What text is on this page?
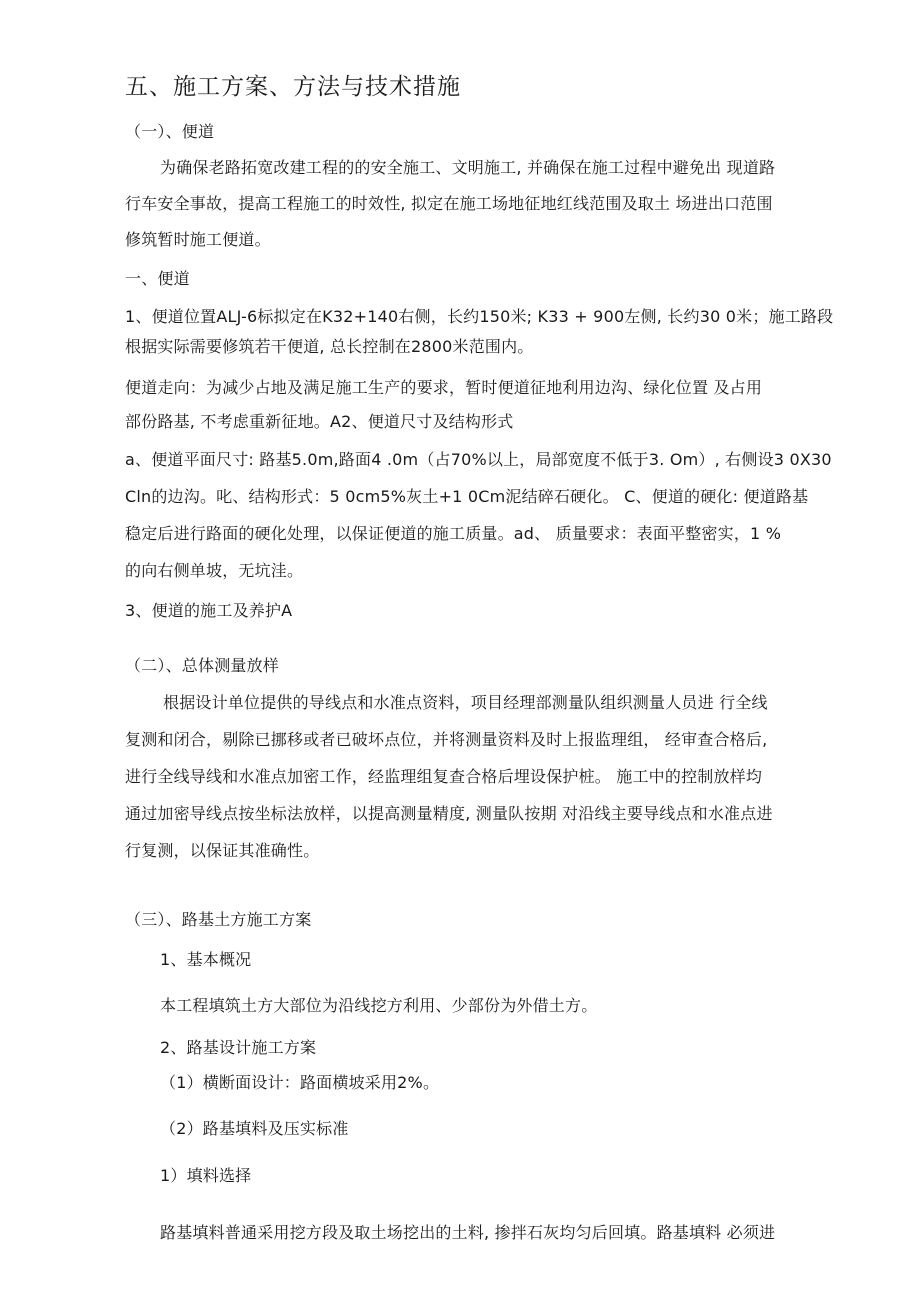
五、施工方案、方法与技术措施
（一）、便道
为确保老路拓宽改建工程的的安全施工、文明施工, 并确保在施工过程中避免出 现道路
行车安全事故，提高工程施工的时效性, 拟定在施工场地征地红线范围及取土 场进出口范围
修筑暂时施工便道。
一、便道
1、便道位置ALJ-6标拟定在K32+140右侧，长约150米; K33 + 900左侧, 长约30 0米；施工路段
根据实际需要修筑若干便道, 总长控制在2800米范围内。
便道走向：为减少占地及满足施工生产的要求，暂时便道征地利用边沟、绿化位置 及占用
部份路基, 不考虑重新征地。A2、便道尺寸及结构形式
a、便道平面尺寸: 路基5.0m,路面4 .0m（占70%以上，局部宽度不低于3. Om）, 右侧设3 0X30
Cln的边沟。叱、结构形式：5 0cm5%灰土+1 0Cm泥结碎石硬化。 C、便道的硬化: 便道路基
稳定后进行路面的硬化处理，以保证便道的施工质量。ad、 质量要求：表面平整密实，1 %
的向右侧单坡，无坑洼。
3、便道的施工及养护A
（二）、总体测量放样
根据设计单位提供的导线点和水准点资料，项目经理部测量队组织测量人员进 行全线
复测和闭合，剔除已挪移或者已破坏点位，并将测量资料及时上报监理组， 经审查合格后,
进行全线导线和水准点加密工作，经监理组复查合格后埋设保护桩。 施工中的控制放样均
通过加密导线点按坐标法放样，以提高测量精度, 测量队按期 对沿线主要导线点和水准点进
行复测，以保证其准确性。
（三）、路基土方施工方案
1、基本概况
本工程填筑土方大部位为沿线挖方利用、少部份为外借土方。
2、路基设计施工方案
（1）横断面设计：路面横坡采用2%。
（2）路基填料及压实标准
1）填料选择
路基填料普通采用挖方段及取土场挖出的土料, 掺拌石灰均匀后回填。路基填料 必须进
